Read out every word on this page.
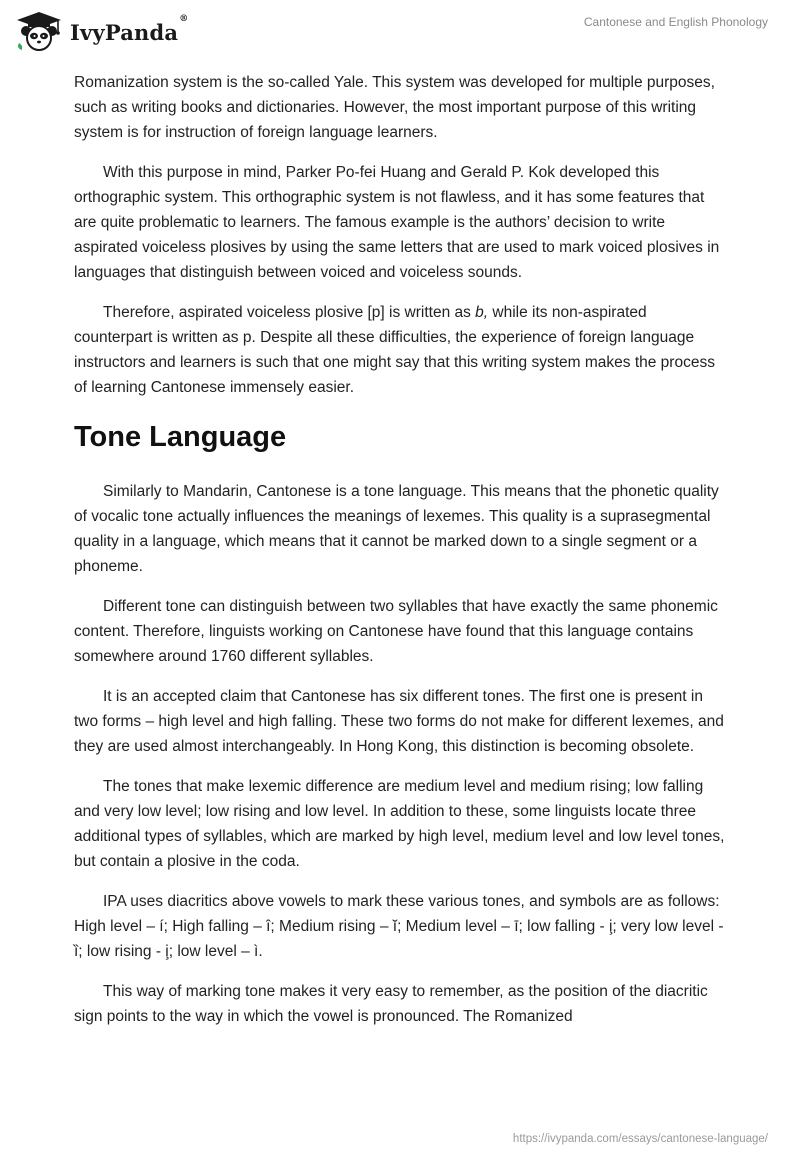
IvyPanda®	Cantonese and English Phonology

Romanization system is the so-called Yale. This system was developed for multiple purposes, such as writing books and dictionaries. However, the most important purpose of this writing system is for instruction of foreign language learners.

With this purpose in mind, Parker Po-fei Huang and Gerald P. Kok developed this orthographic system. This orthographic system is not flawless, and it has some features that are quite problematic to learners. The famous example is the authors’ decision to write aspirated voiceless plosives by using the same letters that are used to mark voiced plosives in languages that distinguish between voiced and voiceless sounds.

Therefore, aspirated voiceless plosive [p] is written as b, while its non-aspirated counterpart is written as p. Despite all these difficulties, the experience of foreign language instructors and learners is such that one might say that this writing system makes the process of learning Cantonese immensely easier.

Tone Language

Similarly to Mandarin, Cantonese is a tone language. This means that the phonetic quality of vocalic tone actually influences the meanings of lexemes. This quality is a suprasegmental quality in a language, which means that it cannot be marked down to a single segment or a phoneme.

Different tone can distinguish between two syllables that have exactly the same phonemic content. Therefore, linguists working on Cantonese have found that this language contains somewhere around 1760 different syllables.

It is an accepted claim that Cantonese has six different tones. The first one is present in two forms – high level and high falling. These two forms do not make for different lexemes, and they are used almost interchangeably. In Hong Kong, this distinction is becoming obsolete.

The tones that make lexemic difference are medium level and medium rising; low falling and very low level; low rising and low level. In addition to these, some linguists locate three additional types of syllables, which are marked by high level, medium level and low level tones, but contain a plosive in the coda.

IPA uses diacritics above vowels to mark these various tones, and symbols are as follows: High level – í; High falling – î; Medium rising – ĭ; Medium level – ī; low falling - i̧; very low level - ȉ; low rising - i̧; low level – ì.

This way of marking tone makes it very easy to remember, as the position of the diacritic sign points to the way in which the vowel is pronounced. The Romanized

https://ivypanda.com/essays/cantonese-language/
